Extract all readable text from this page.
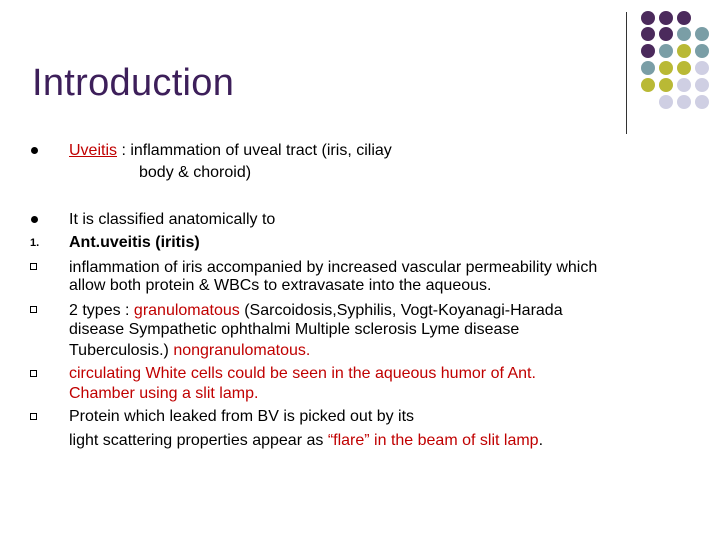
Introduction
Uveitis : inflammation of uveal tract (iris, ciliay
body & choroid)
It is classified anatomically to
1. Ant.uveitis (iritis)
inflammation of iris accompanied by increased vascular permeability which
allow both protein & WBCs to extravasate into the aqueous.
2 types : granulomatous (Sarcoidosis,Syphilis, Vogt-Koyanagi-Harada
disease Sympathetic ophthalmi Multiple sclerosis Lyme disease
Tuberculosis.) nongranulomatous.
circulating White cells could be seen in the aqueous humor of Ant.
Chamber using a slit lamp.
Protein which leaked from BV is picked out by its
light scattering properties appear as “flare” in the beam of slit lamp.
